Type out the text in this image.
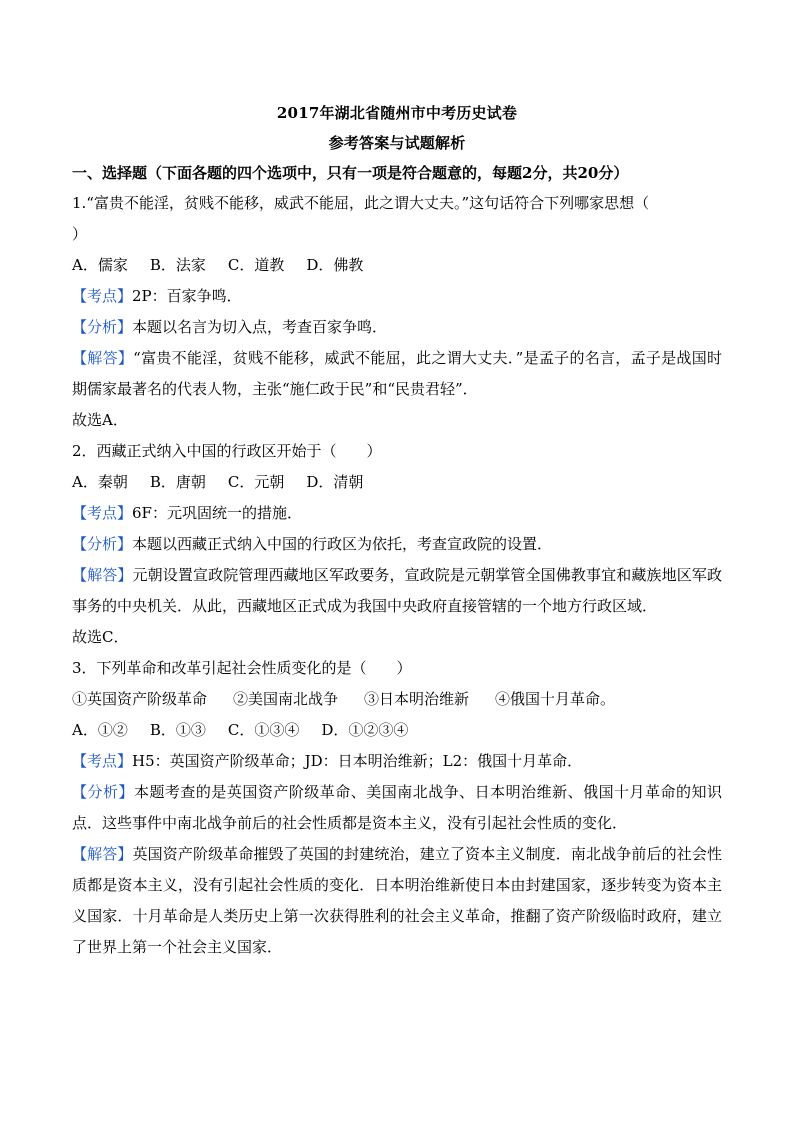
2017年湖北省随州市中考历史试卷
参考答案与试题解析
一、选择题（下面各题的四个选项中，只有一项是符合题意的，每题2分，共20分）
1.“富贵不能淫，贫贱不能移，威武不能屈，此之谓大丈夫。”这句话符合下列哪家思想（
）
A．儒家 B．法家 C．道教 D．佛教
【考点】2P：百家争鸣．
【分析】本题以名言为切入点，考查百家争鸣．
【解答】“富贵不能淫，贫贱不能移，威武不能屈，此之谓大丈夫．”是孟子的名言，孟子是战国时期儒家最著名的代表人物，主张“施仁政于民”和“民贵君轻”．
故选A．
2．西藏正式纳入中国的行政区开始于（　　）
A．秦朝 B．唐朝 C．元朝 D．清朝
【考点】6F：元巩固统一的措施．
【分析】本题以西藏正式纳入中国的行政区为依托，考查宣政院的设置．
【解答】元朝设置宣政院管理西藏地区军政要务，宣政院是元朝掌管全国佛教事宜和藏族地区军政事务的中央机关．从此，西藏地区正式成为我国中央政府直接管辖的一个地方行政区域．
故选C．
3．下列革命和改革引起社会性质变化的是（　　）
①英国资产阶级革命 ②美国南北战争 ③日本明治维新 ④俄国十月革命。
A．①② B．①③ C．①③④ D．①②③④
【考点】H5：英国资产阶级革命；JD：日本明治维新；L2：俄国十月革命．
【分析】本题考查的是英国资产阶级革命、美国南北战争、日本明治维新、俄国十月革命的知识点．这些事件中南北战争前后的社会性质都是资本主义，没有引起社会性质的变化．
【解答】英国资产阶级革命摧毁了英国的封建统治，建立了资本主义制度．南北战争前后的社会性质都是资本主义，没有引起社会性质的变化．日本明治维新使日本由封建国家，逐步转变为资本主义国家．十月革命是人类历史上第一次获得胜利的社会主义革命，推翻了资产阶级临时政府，建立了世界上第一个社会主义国家．
